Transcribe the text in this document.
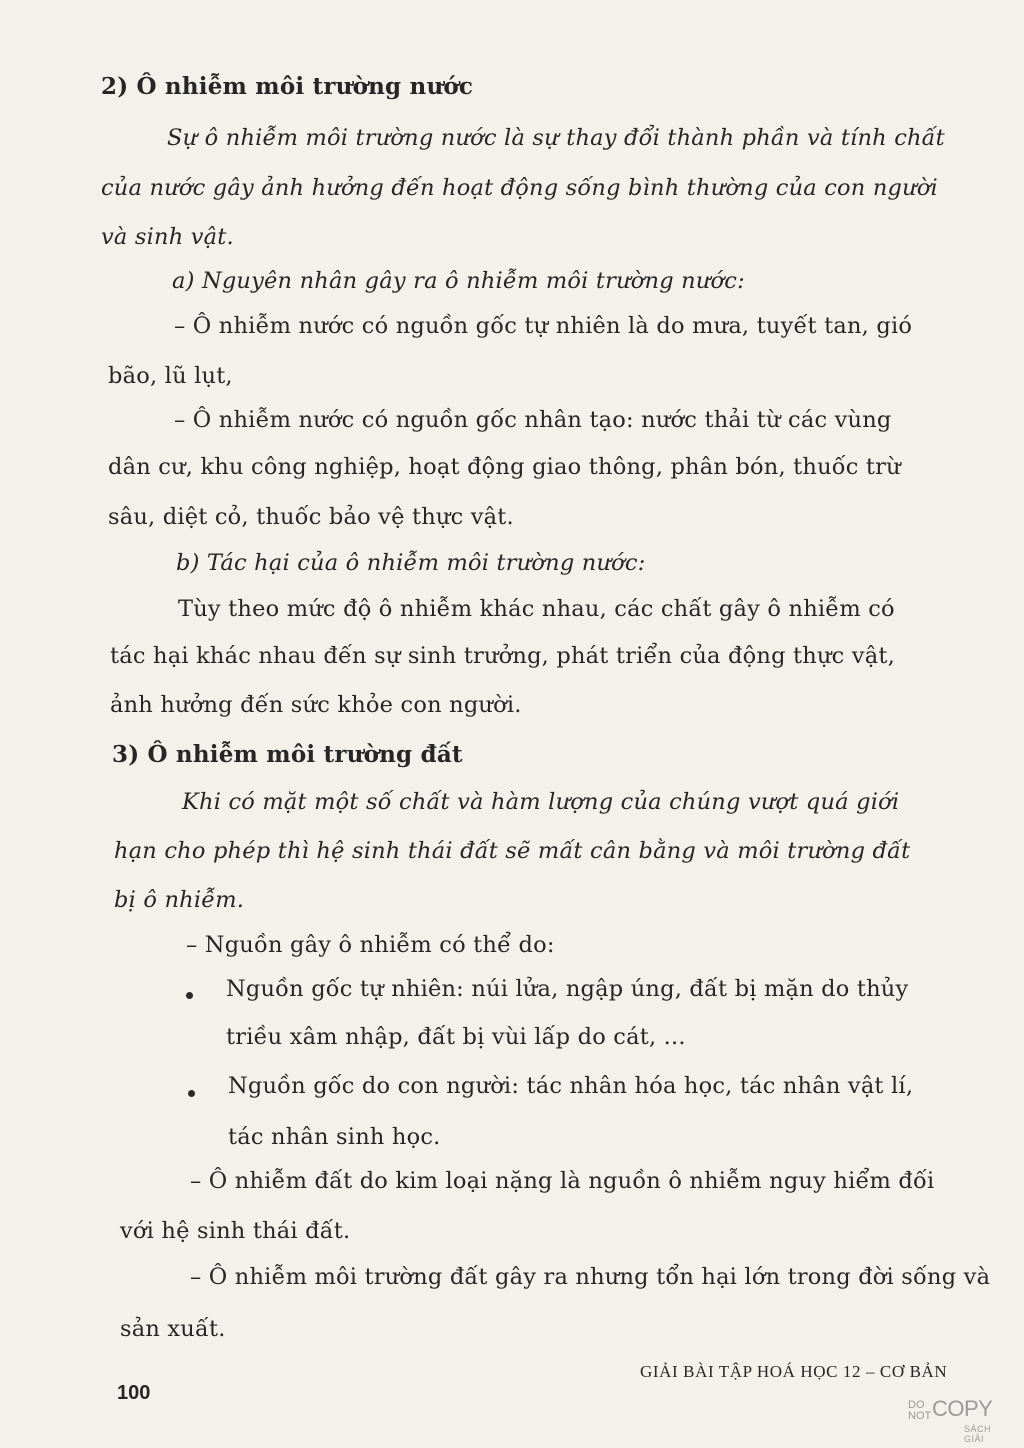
2) Ô nhiễm môi trường nước

Sự ô nhiễm môi trường nước là sự thay đổi thành phần và tính chất

của nước gây ảnh hưởng đến hoạt động sống bình thường của con người

và sinh vật.

a) Nguyên nhân gây ra ô nhiễm môi trường nước:

– Ô nhiễm nước có nguồn gốc tự nhiên là do mưa, tuyết tan, gió

bão, lũ lụt,

– Ô nhiễm nước có nguồn gốc nhân tạo: nước thải từ các vùng

dân cư, khu công nghiệp, hoạt động giao thông, phân bón, thuốc trừ

sâu, diệt cỏ, thuốc bảo vệ thực vật.

b) Tác hại của ô nhiễm môi trường nước:

Tùy theo mức độ ô nhiễm khác nhau, các chất gây ô nhiễm có

tác hại khác nhau đến sự sinh trưởng, phát triển của động thực vật,

ảnh hưởng đến sức khỏe con người.

3) Ô nhiễm môi trường đất

Khi có mặt một số chất và hàm lượng của chúng vượt quá giới

hạn cho phép thì hệ sinh thái đất sẽ mất cân bằng và môi trường đất

bị ô nhiễm.

– Nguồn gây ô nhiễm có thể do:

Nguồn gốc tự nhiên: núi lửa, ngập úng, đất bị mặn do thủy

triều xâm nhập, đất bị vùi lấp do cát, ...

Nguồn gốc do con người: tác nhân hóa học, tác nhân vật lí,

tác nhân sinh học.

– Ô nhiễm đất do kim loại nặng là nguồn ô nhiễm nguy hiểm đối

với hệ sinh thái đất.

– Ô nhiễm môi trường đất gây ra nhưng tổn hại lớn trong đời sống và

sản xuất.

GIẢI BÀI TẬP HOÁ HỌC 12 – CƠ BẢN

100

DO NOT COPY
SÁCH GIẢI
